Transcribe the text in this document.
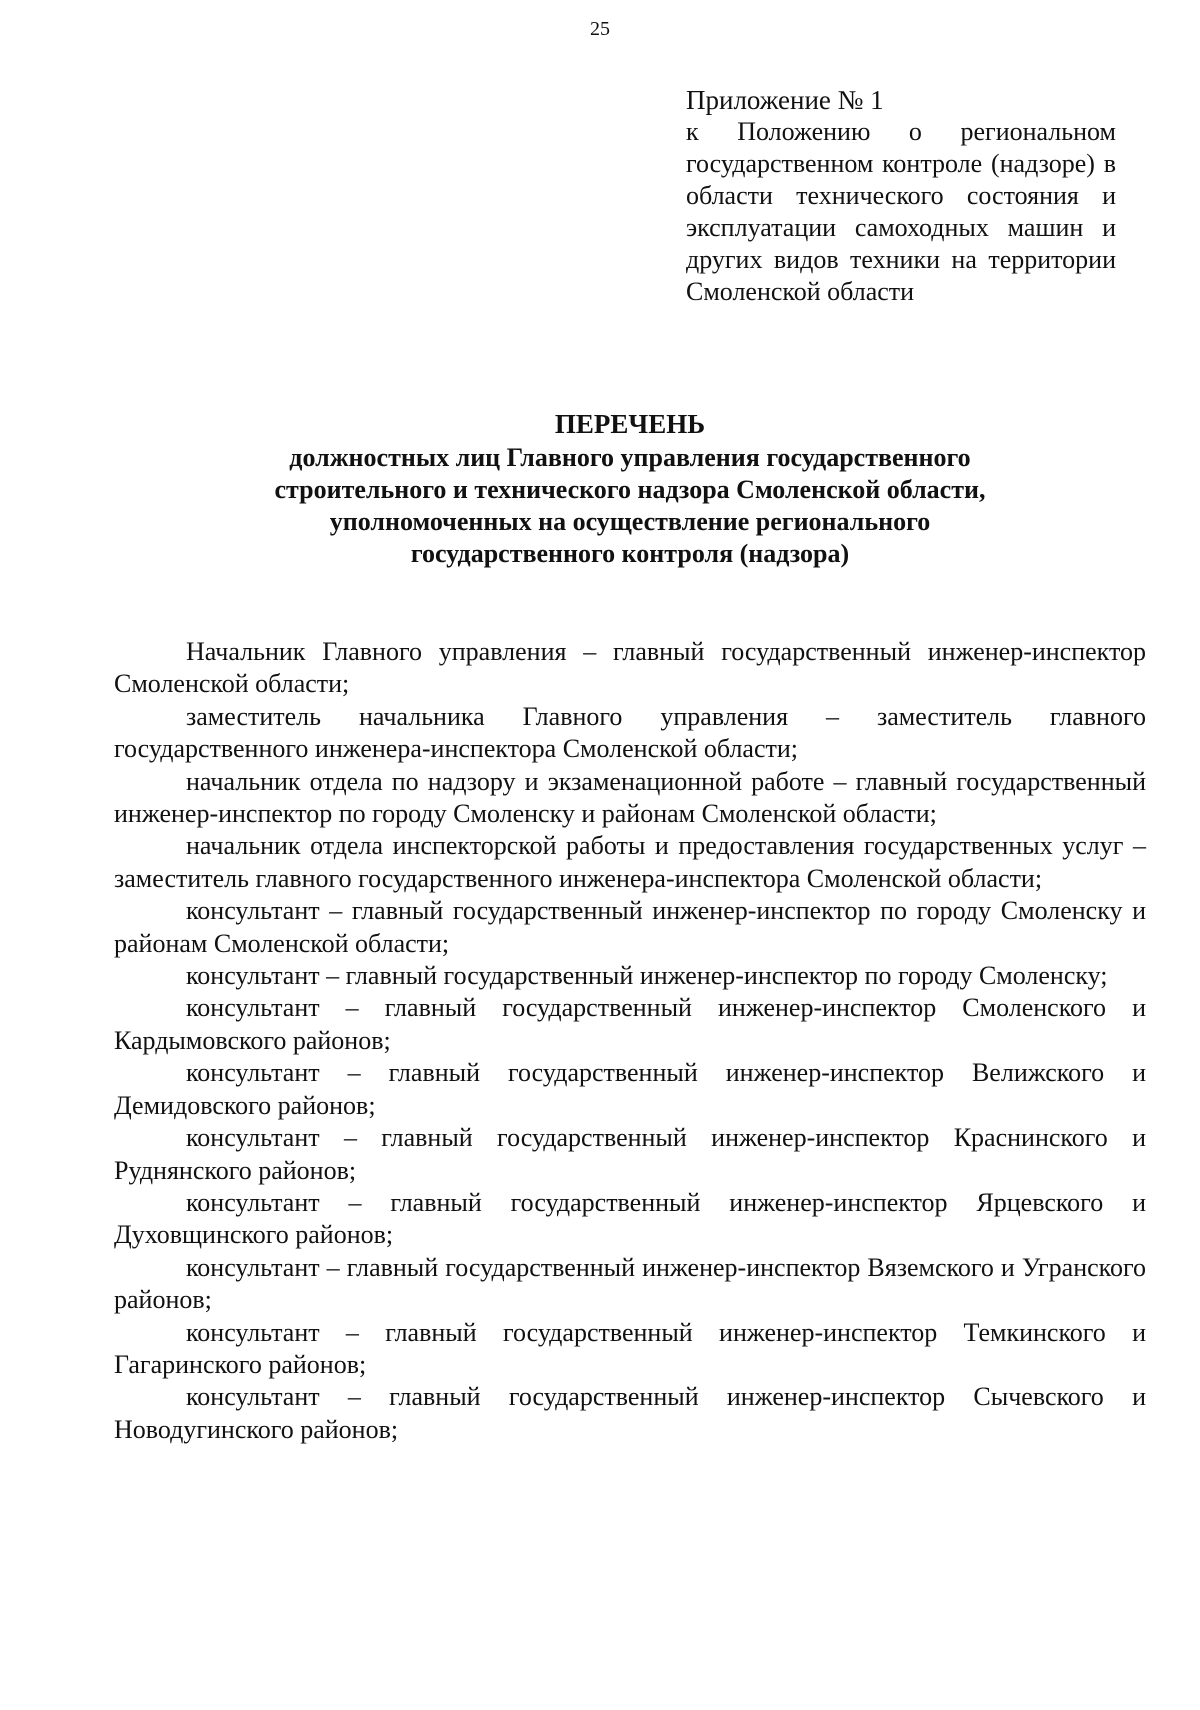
25
Приложение № 1
к Положению о региональном государственном контроле (надзоре) в области технического состояния и эксплуатации самоходных машин и других видов техники на территории Смоленской области
ПЕРЕЧЕНЬ
должностных лиц Главного управления государственного строительного и технического надзора Смоленской области, уполномоченных на осуществление регионального государственного контроля (надзора)

Начальник Главного управления – главный государственный инженер-инспектор Смоленской области;

заместитель начальника Главного управления – заместитель главного государственного инженера-инспектора Смоленской области;

начальник отдела по надзору и экзаменационной работе – главный государственный инженер-инспектор по городу Смоленску и районам Смоленской области;

начальник отдела инспекторской работы и предоставления государственных услуг – заместитель главного государственного инженера-инспектора Смоленской области;

консультант – главный государственный инженер-инспектор по городу Смоленску и районам Смоленской области;

консультант – главный государственный инженер-инспектор по городу Смоленску;

консультант – главный государственный инженер-инспектор Смоленского и Кардымовского районов;

консультант – главный государственный инженер-инспектор Велижского и Демидовского районов;

консультант – главный государственный инженер-инспектор Краснинского и Руднянского районов;

консультант – главный государственный инженер-инспектор Ярцевского и Духовщинского районов;

консультант – главный государственный инженер-инспектор Вяземского и Угранского районов;

консультант – главный государственный инженер-инспектор Темкинского и Гагаринского районов;

консультант – главный государственный инженер-инспектор Сычевского и Новодугинского районов;
